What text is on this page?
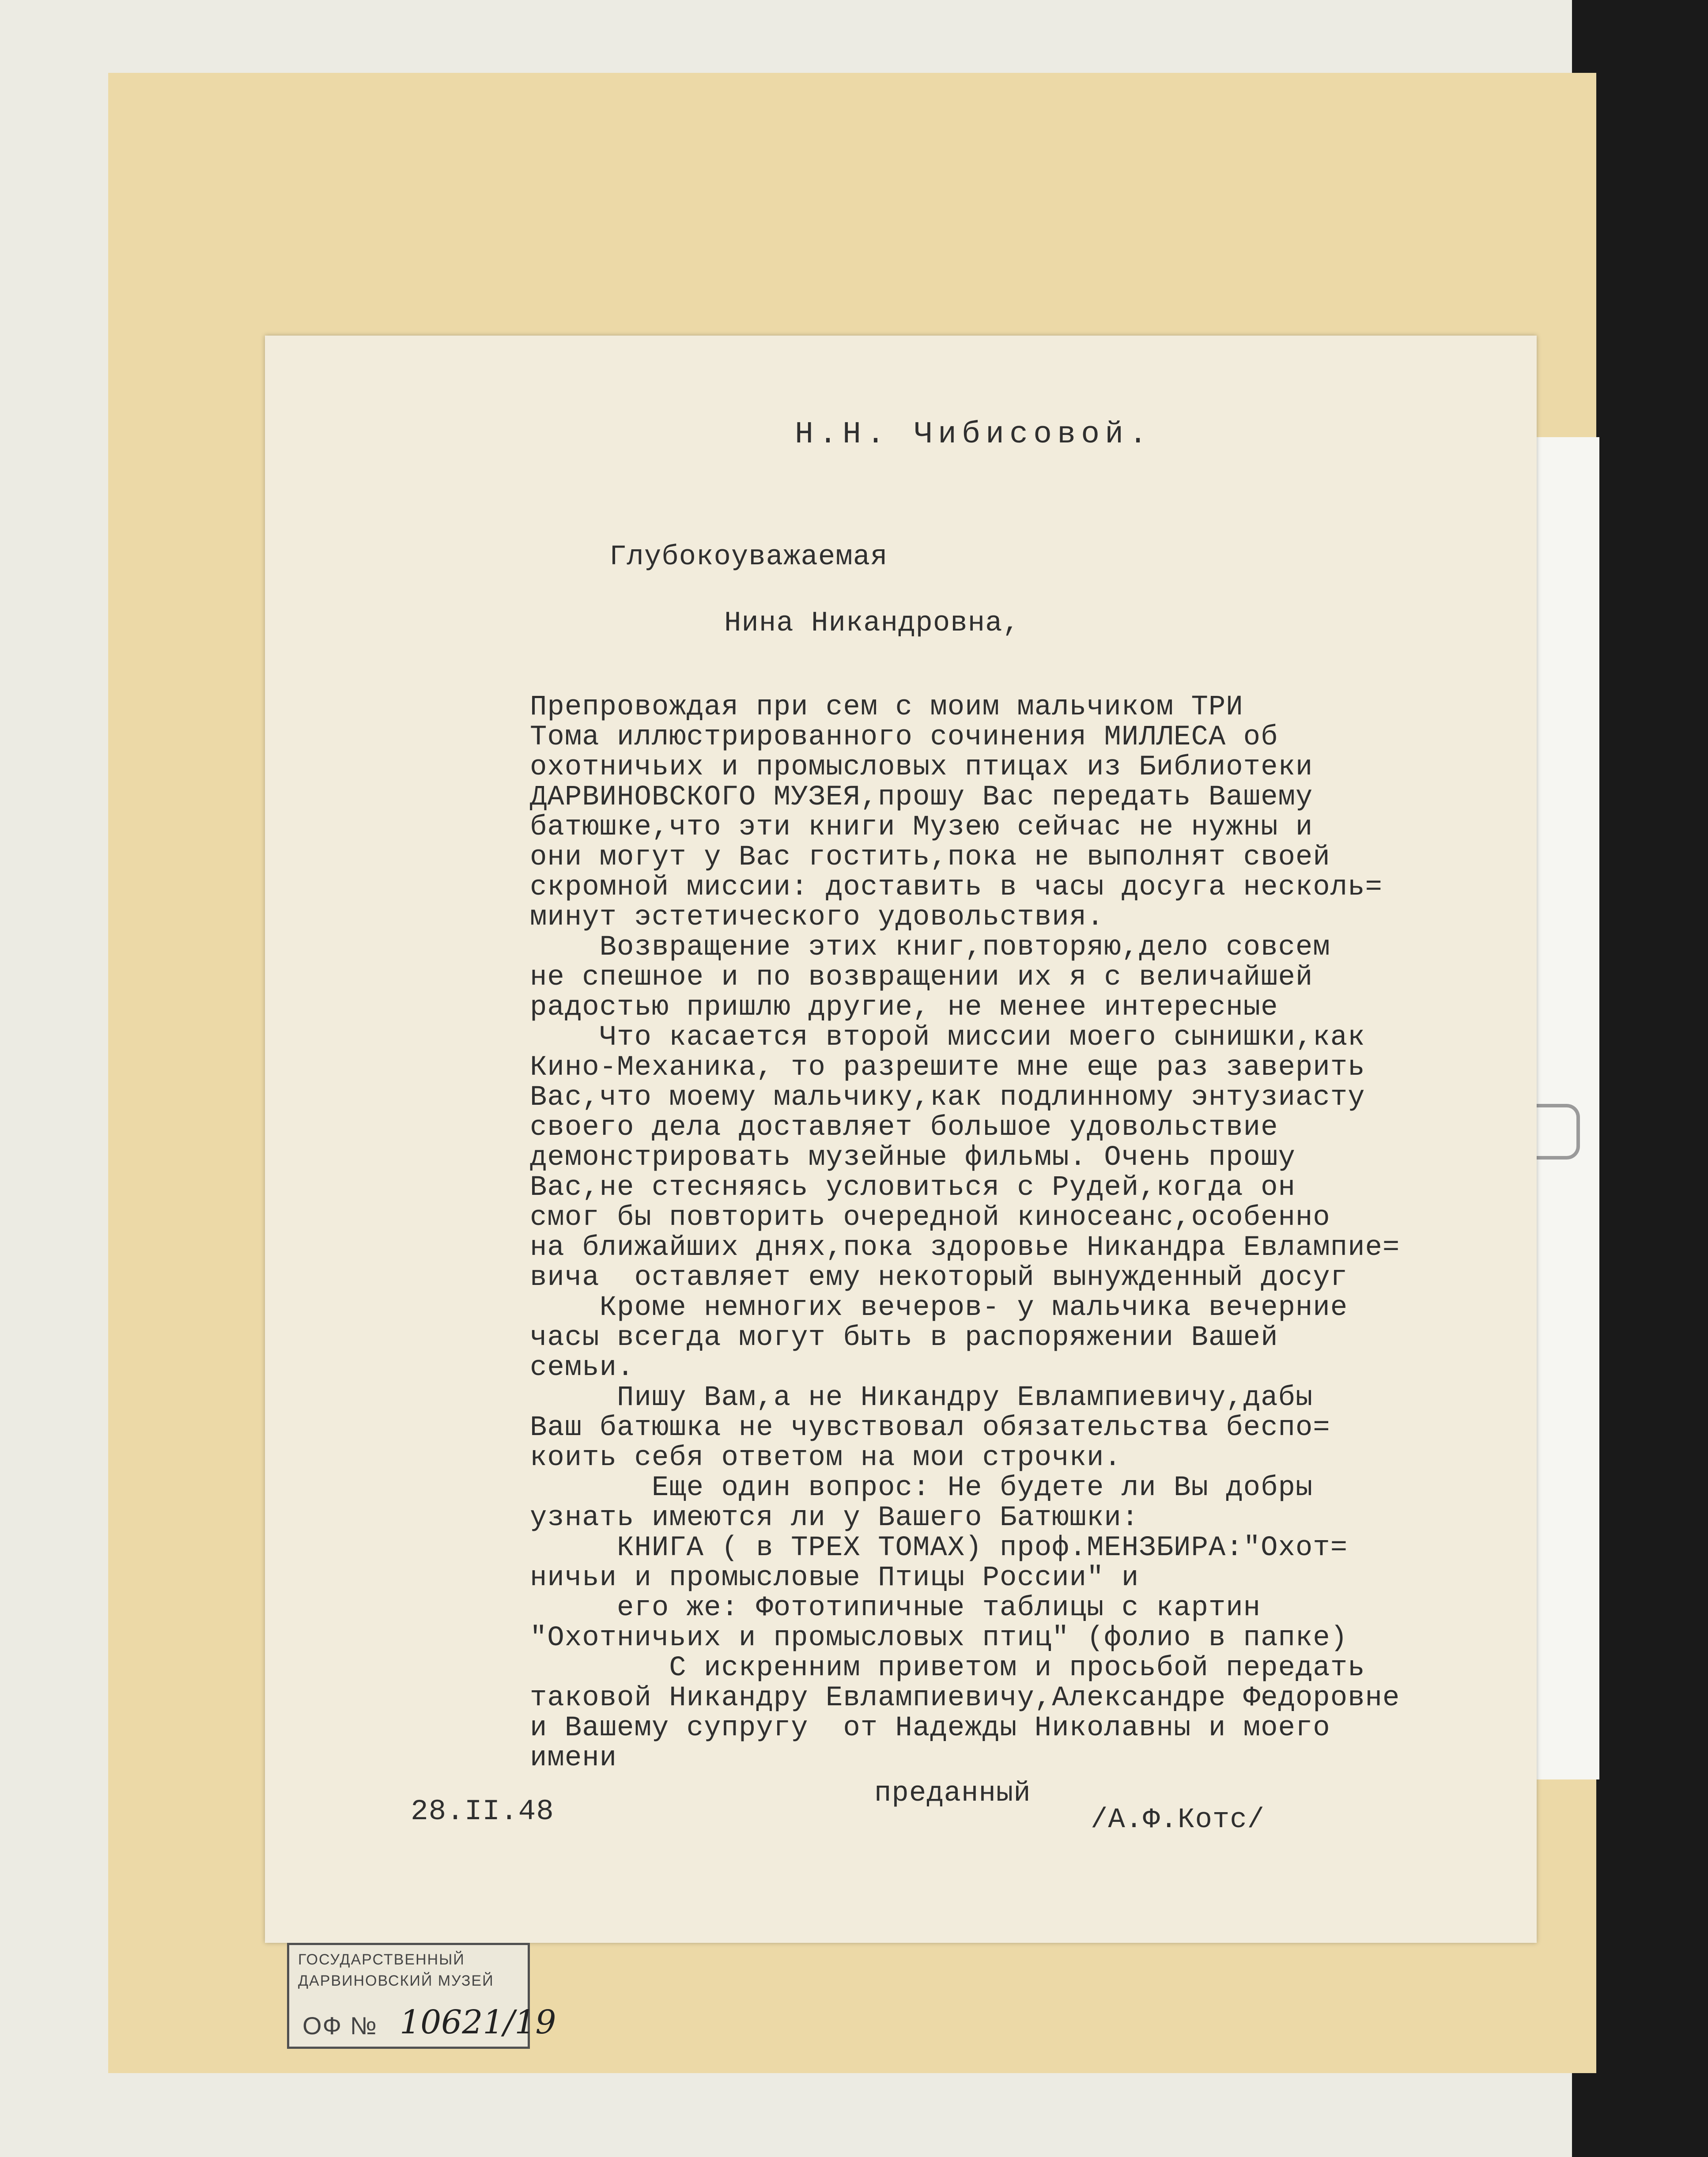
Н.Н. Чибисовой.
Глубокоуважаемая
Нина Никандровна,
Препровождая при сем с моим мальчиком ТРИ
Тома иллюстрированного сочинения МИЛЛЕСА об
охотничьих и промысловых птицах из Библиотеки
ДАРВИНОВСКОГО МУЗЕЯ,прошу Вас передать Вашему
батюшке,что эти книги Музею сейчас не нужны и
они могут у Вас гостить,пока не выполнят своей
скромной миссии: доставить в часы досуга несколь=
минут эстетического удовольствия.
Возвращение этих книг,повторяю,дело совсем
не спешное и по возвращении их я с величайшей
радостью пришлю другие, не менее интересные
Что касается второй миссии моего сынишки,как
Кино-Механика, то разрешите мне еще раз заверить
Вас,что моему мальчику,как подлинному энтузиасту
своего дела доставляет большое удовольствие
демонстрировать музейные фильмы. Очень прошу
Вас,не стесняясь условиться с Рудей,когда он
смог бы повторить очередной киносеанс,особенно
на ближайших днях,пока здоровье Никандра Евлампие=
вича  оставляет ему некоторый вынужденный досуг
Кроме немногих вечеров- у мальчика вечерние
часы всегда могут быть в распоряжении Вашей
семьи.
Пишу Вам,а не Никандру Евлампиевичу,дабы
Ваш батюшка не чувствовал обязательства беспо=
коить себя ответом на мои строчки.
Еще один вопрос: Не будете ли Вы добры
узнать имеются ли у Вашего Батюшки:
КНИГА ( в ТРЕХ ТОМАХ) проф.МЕНЗБИРА:"Охот=
ничьи и промысловые Птицы России" и
его же: Фототипичные таблицы с картин
"Охотничьих и промысловых птиц" (фолио в папке)
С искренним приветом и просьбой передать
таковой Никандру Евлампиевичу,Александре Федоровне
и Вашему супругу  от Надежды Николавны и моего
имени
28.II.48
преданный
/А.Ф.Котс/
ГОСУДАРСТВЕННЫЙ
ДАРВИНОВСКИЙ МУЗЕЙ
ОФ № 10621/19
